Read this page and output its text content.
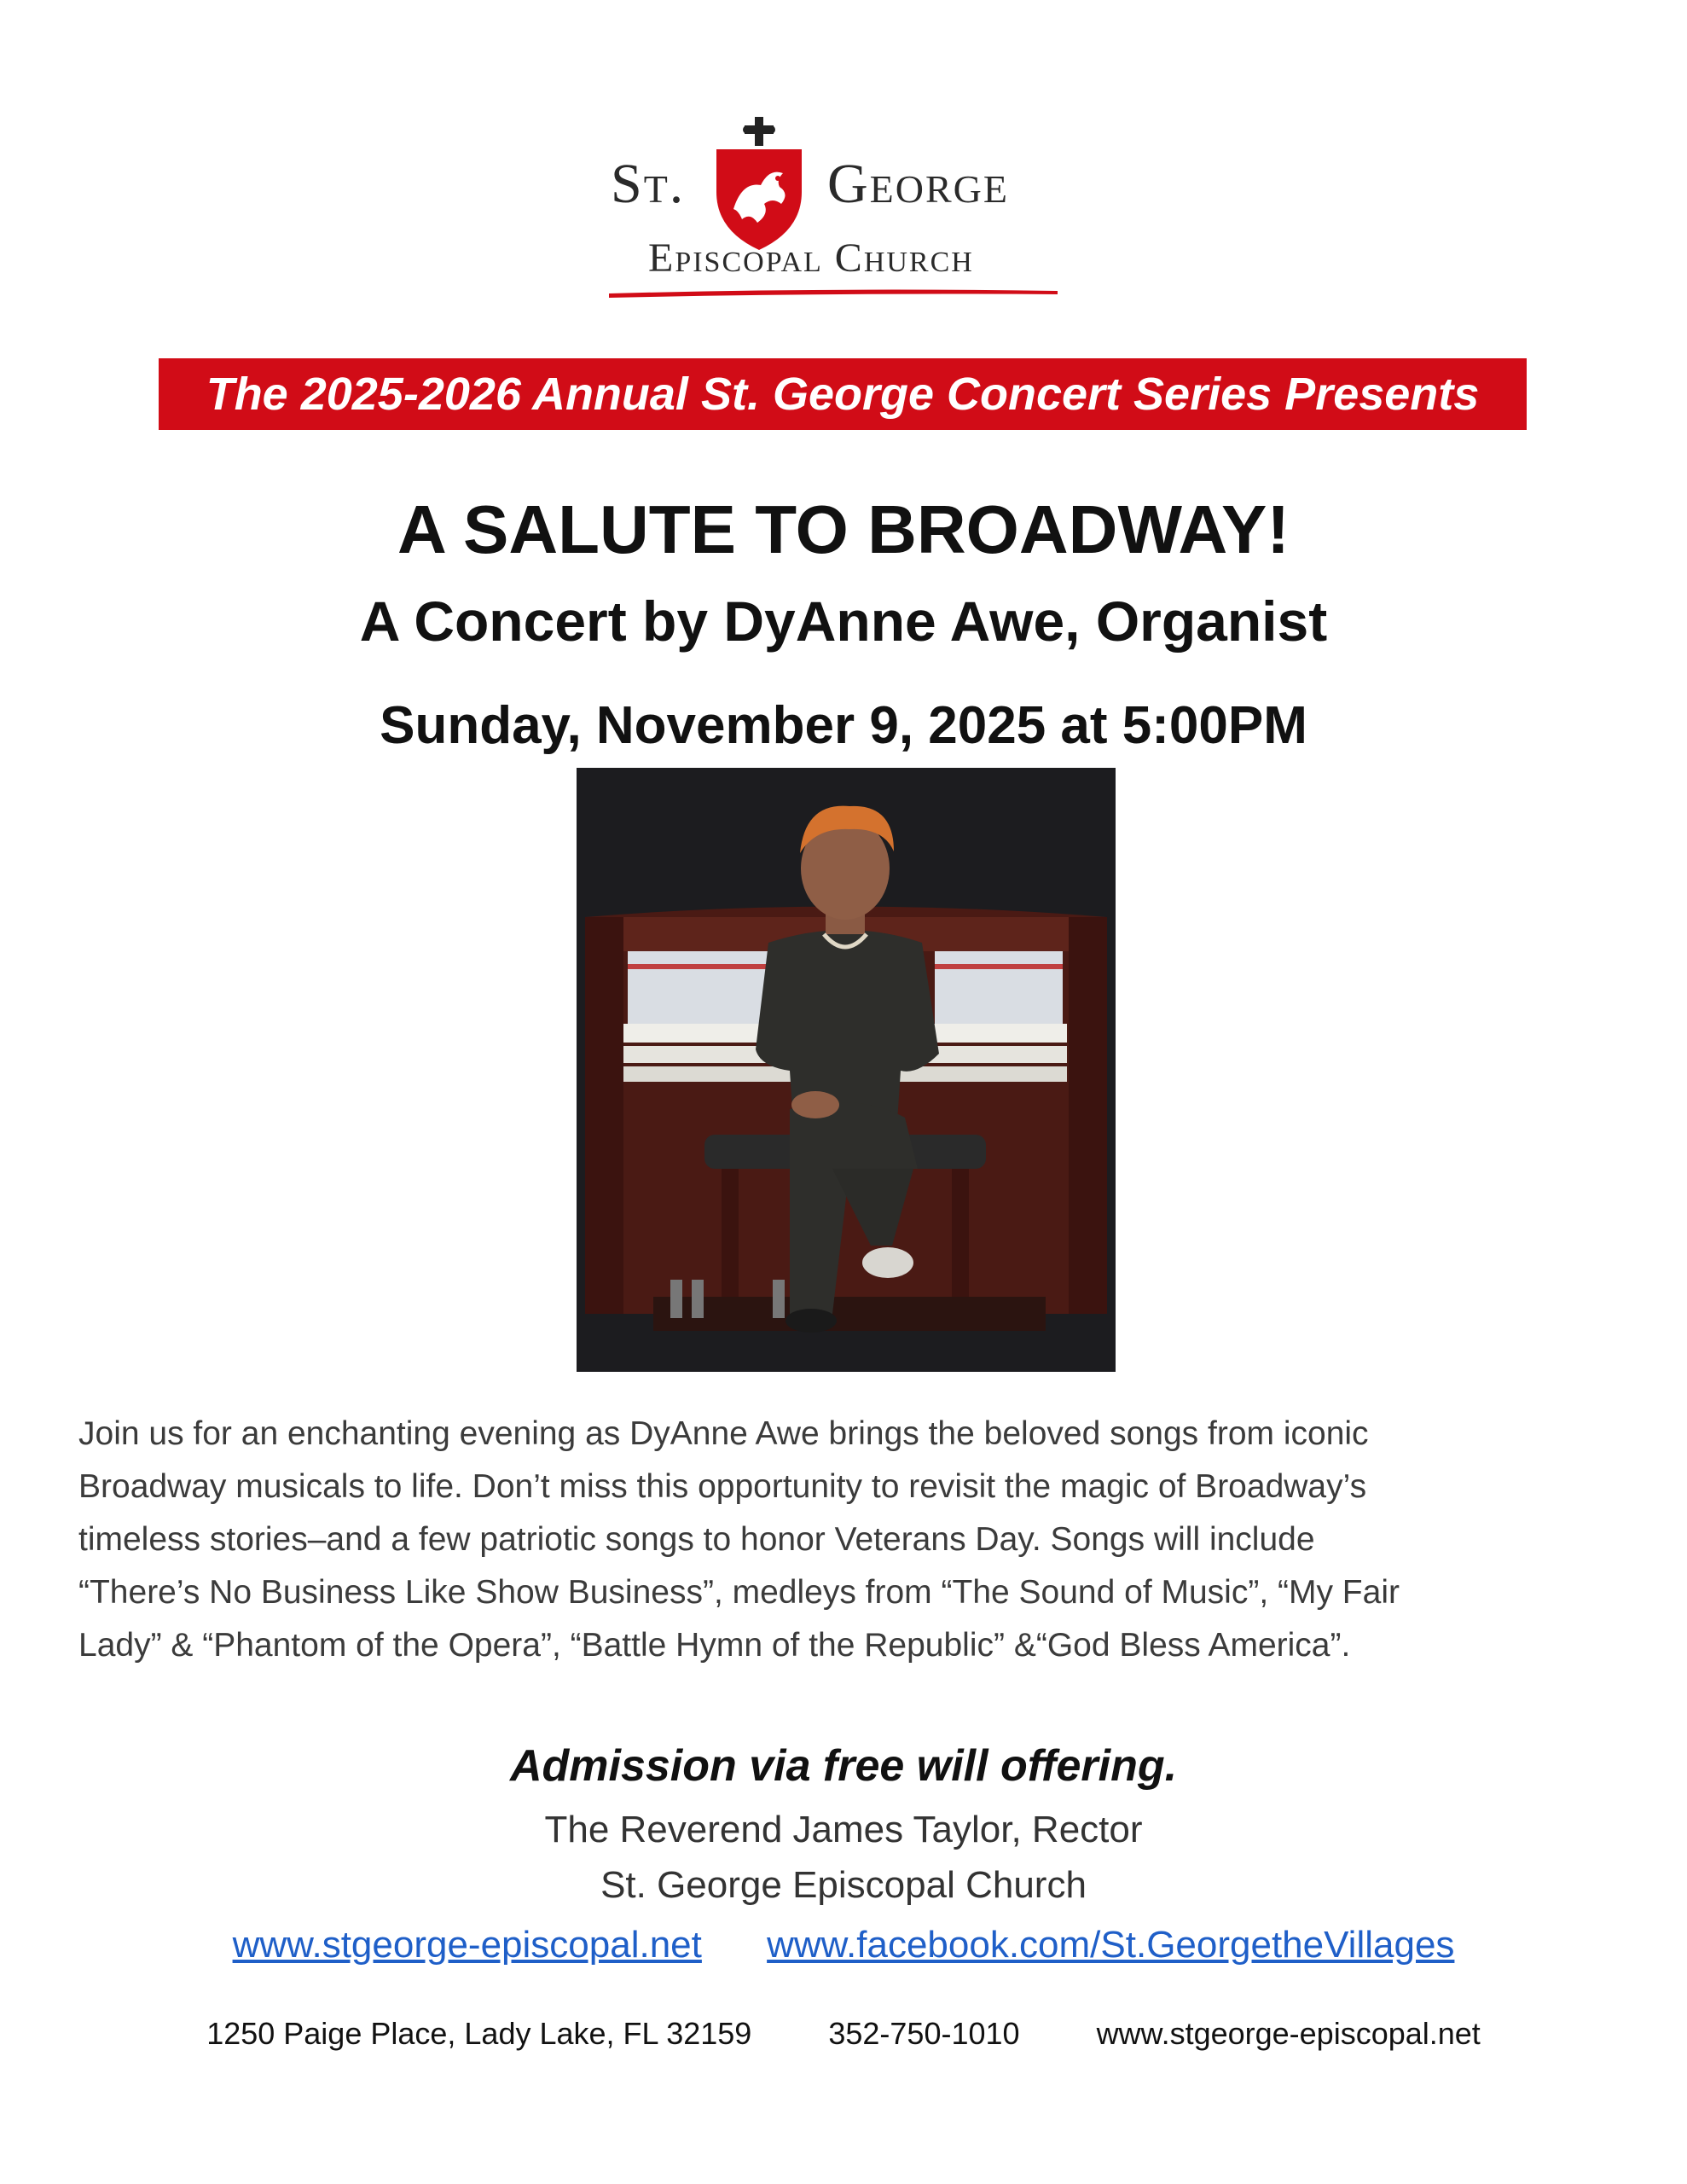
St.	George
Episcopal Church
The 2025-2026 Annual St. George Concert Series Presents
A SALUTE TO BROADWAY!
A Concert by DyAnne Awe, Organist
Sunday, November 9, 2025 at 5:00PM

Join us for an enchanting evening as DyAnne Awe brings the beloved songs from iconic

Broadway musicals to life. Don’t miss this opportunity to revisit the magic of Broadway’s

timeless stories–and a few patriotic songs to honor Veterans Day. Songs will include

“There’s No Business Like Show Business”, medleys from “The Sound of Music”, “My Fair

Lady” & “Phantom of the Opera”, “Battle Hymn of the Republic” &“God Bless America”.

Admission via free will offering.
The Reverend James Taylor, Rector
St. George Episcopal Church
www.stgeorge-episcopal.net www.facebook.com/St.GeorgetheVillages
1250 Paige Place, Lady Lake, FL 32159	352-750-1010	www.stgeorge-episcopal.net
